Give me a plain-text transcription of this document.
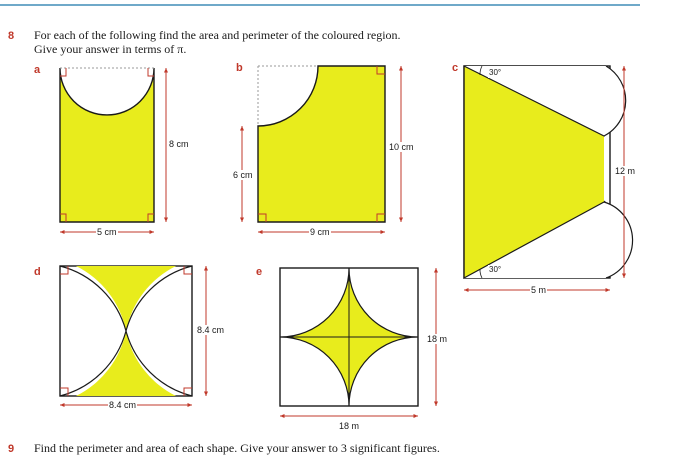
8 For each of the following find the area and perimeter of the coloured region.
Give your answer in terms of π.
a	b	c
d	e
5 cm
8 cm
9 cm
6 cm
10 cm
30°
30°
5 m
12 m
8.4 cm
8.4 cm
18 m
18 m
9 Find the perimeter and area of each shape. Give your answer to 3 significant figures.
